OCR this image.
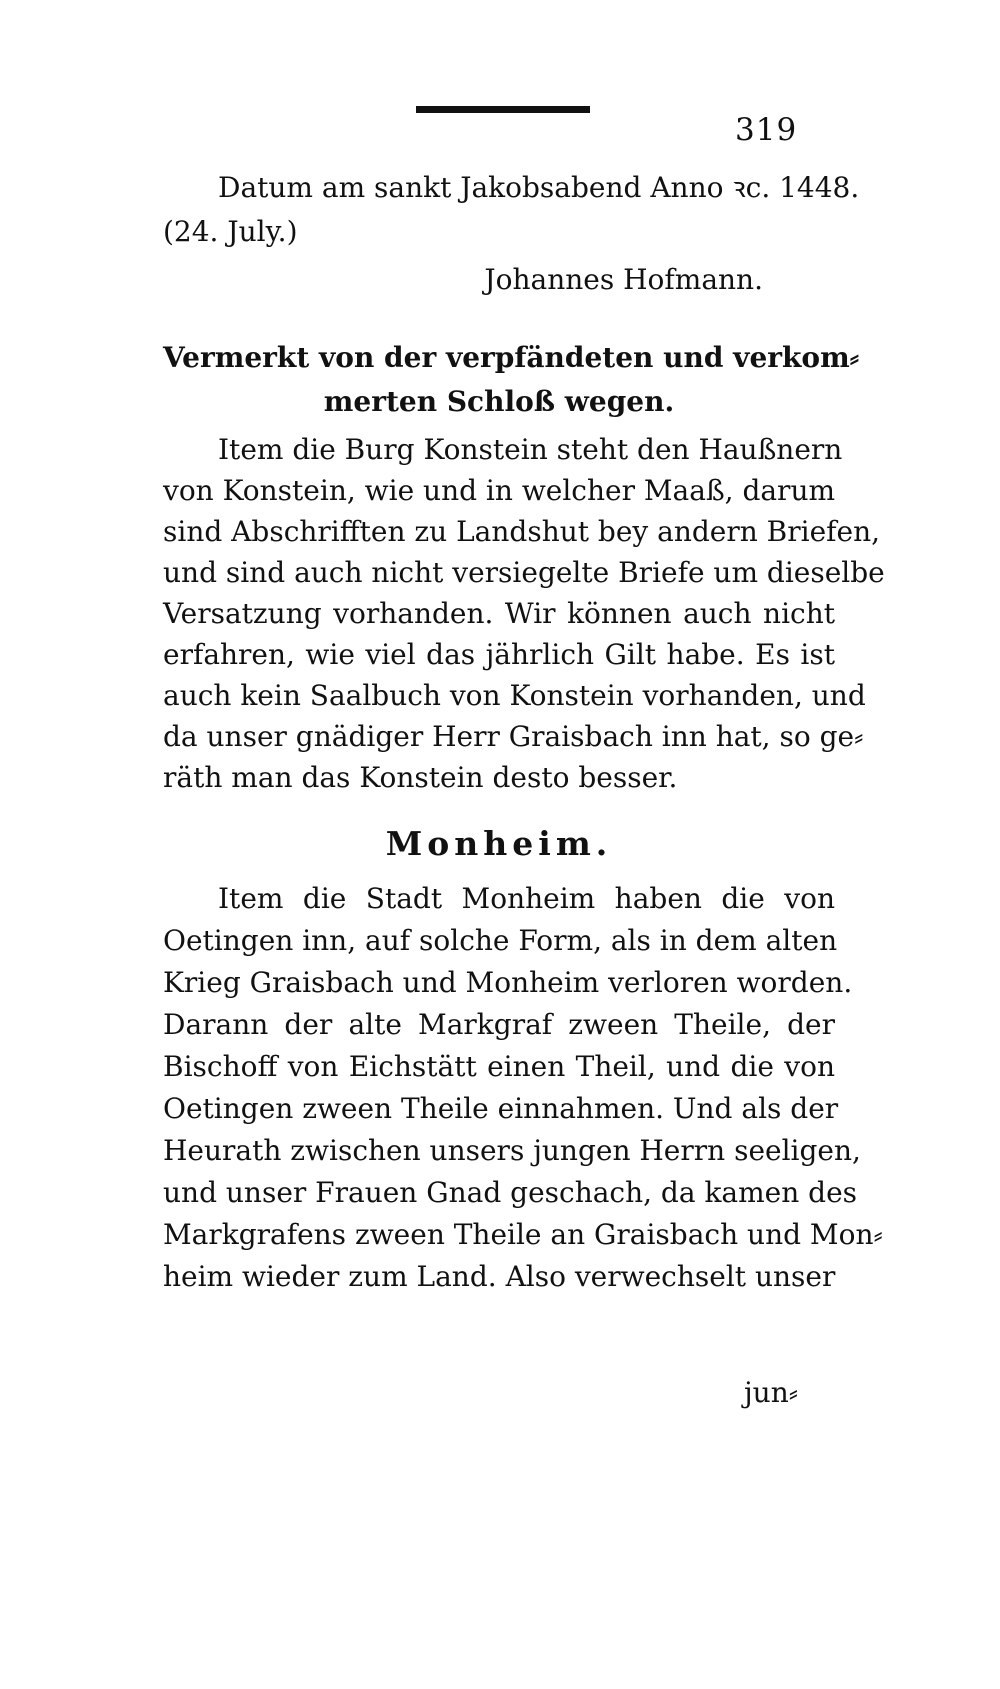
319
Datum am sankt Jakobsabend Anno ꝛc. 1448.
(24. July.)
Johannes Hofmann.
Vermerkt von der verpfändeten und verkom⸗
merten Schloß wegen.
Item die Burg Konstein steht den Haußnern
von Konstein, wie und in welcher Maaß, darum
sind Abschrifften zu Landshut bey andern Briefen,
und sind auch nicht versiegelte Briefe um dieselbe
Versatzung vorhanden. Wir können auch nicht
erfahren, wie viel das jährlich Gilt habe. Es ist
auch kein Saalbuch von Konstein vorhanden, und
da unser gnädiger Herr Graisbach inn hat, so ge⸗
räth man das Konstein desto besser.
Monheim.
Item die Stadt Monheim haben die von
Oetingen inn, auf solche Form, als in dem alten
Krieg Graisbach und Monheim verloren worden.
Darann der alte Markgraf zween Theile, der
Bischoff von Eichstätt einen Theil, und die von
Oetingen zween Theile einnahmen. Und als der
Heurath zwischen unsers jungen Herrn seeligen,
und unser Frauen Gnad geschach, da kamen des
Markgrafens zween Theile an Graisbach und Mon⸗
heim wieder zum Land. Also verwechselt unser
jun⸗
